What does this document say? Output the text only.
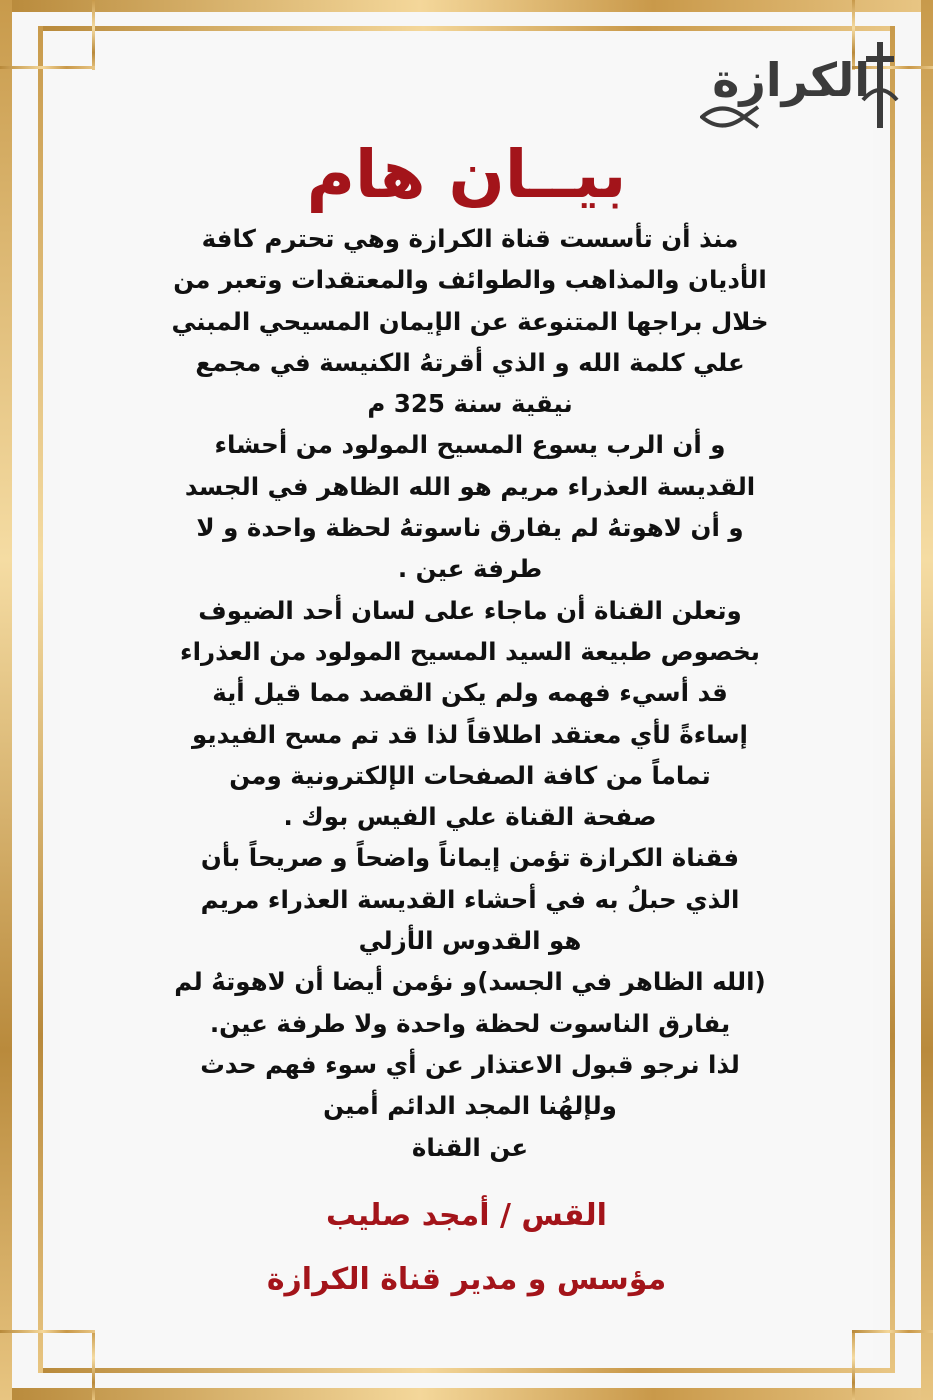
الكرازة
بيــان هام
منذ أن تأسست قناة الكرازة وهي تحترم كافة
الأديان والمذاهب والطوائف والمعتقدات وتعبر من
خلال براجها المتنوعة عن الإيمان المسيحي المبني
علي كلمة الله و الذي أقرتهُ الكنيسة في مجمع
نيقية سنة 325 م
و أن الرب يسوع المسيح المولود من أحشاء
القديسة العذراء مريم هو الله الظاهر في الجسد
و أن لاهوتهُ لم يفارق ناسوتهُ لحظة واحدة و لا
طرفة عين .
وتعلن القناة أن ماجاء على لسان أحد الضيوف
بخصوص طبيعة السيد المسيح المولود من العذراء
قد أسيء فهمه ولم يكن القصد مما قيل أية
إساءةً لأي معتقد اطلاقاً لذا قد تم مسح الفيديو
تماماً من كافة الصفحات الإلكترونية ومن
صفحة القناة علي الفيس بوك .
فقناة الكرازة تؤمن إيماناً واضحاً و صريحاً بأن
الذي حبلُ به في أحشاء القديسة العذراء مريم
هو القدوس الأزلي
(الله الظاهر في الجسد)و نؤمن أيضا أن لاهوتهُ لم
يفارق الناسوت لحظة واحدة ولا طرفة عين.
لذا نرجو قبول الاعتذار عن أي سوء فهم حدث
ولإلهُنا المجد الدائم أمين
عن القناة
القس / أمجد صليب
مؤسس و مدير قناة الكرازة
